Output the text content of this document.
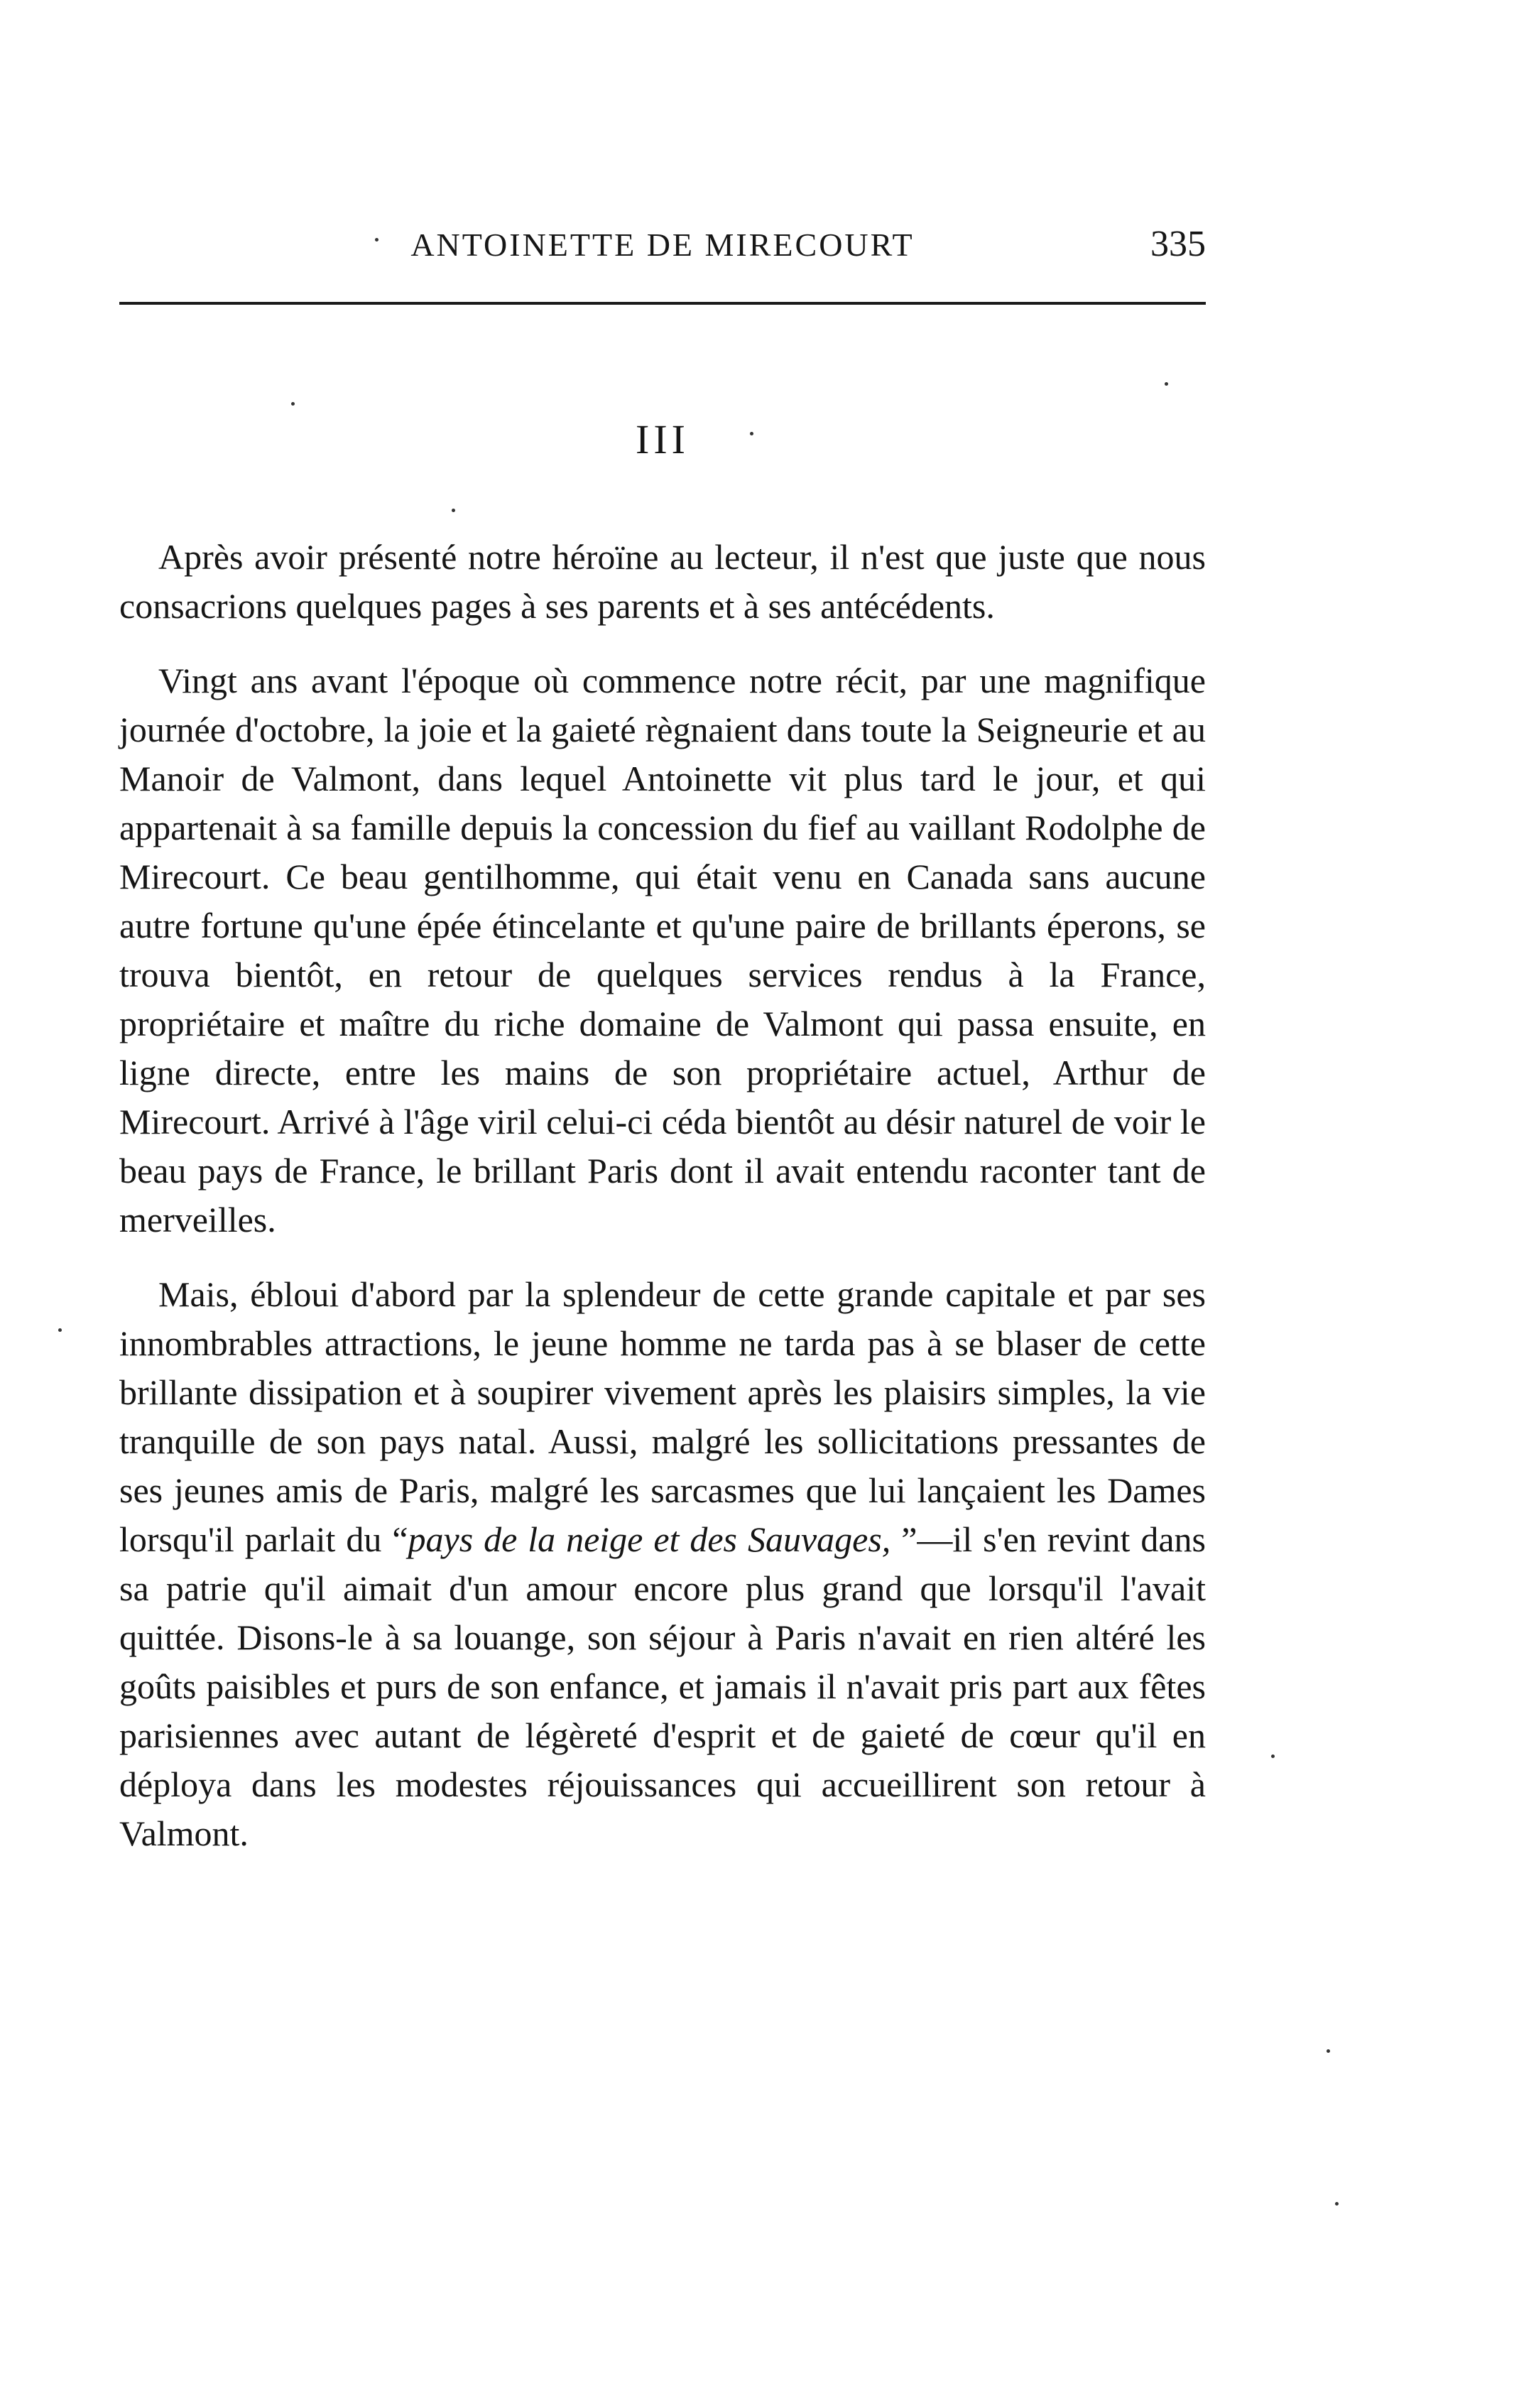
ANTOINETTE DE MIRECOURT	335
III

Après avoir présenté notre héroïne au lecteur, il n'est que juste que nous consacrions quelques pages à ses parents et à ses antécédents.

Vingt ans avant l'époque où commence notre récit, par une magnifique journée d'octobre, la joie et la gaieté règnaient dans toute la Seigneurie et au Manoir de Valmont, dans lequel Antoinette vit plus tard le jour, et qui appartenait à sa famille depuis la concession du fief au vaillant Rodolphe de Mirecourt. Ce beau gentilhomme, qui était venu en Canada sans aucune autre fortune qu'une épée étincelante et qu'une paire de brillants éperons, se trouva bientôt, en retour de quelques services rendus à la France, propriétaire et maître du riche domaine de Valmont qui passa ensuite, en ligne directe, entre les mains de son propriétaire actuel, Arthur de Mirecourt. Arrivé à l'âge viril celui-ci céda bientôt au désir naturel de voir le beau pays de France, le brillant Paris dont il avait entendu raconter tant de merveilles.

Mais, ébloui d'abord par la splendeur de cette grande capitale et par ses innombrables attractions, le jeune homme ne tarda pas à se blaser de cette brillante dissipation et à soupirer vivement après les plaisirs simples, la vie tranquille de son pays natal. Aussi, malgré les sollicitations pressantes de ses jeunes amis de Paris, malgré les sarcasmes que lui lançaient les Dames lorsqu'il parlait du “pays de la neige et des Sauvages, ”—il s'en revint dans sa patrie qu'il aimait d'un amour encore plus grand que lorsqu'il l'avait quittée. Disons-le à sa louange, son séjour à Paris n'avait en rien altéré les goûts paisibles et purs de son enfance, et jamais il n'avait pris part aux fêtes parisiennes avec autant de légèreté d'esprit et de gaieté de cœur qu'il en déploya dans les modestes réjouissances qui accueillirent son retour à Valmont.
